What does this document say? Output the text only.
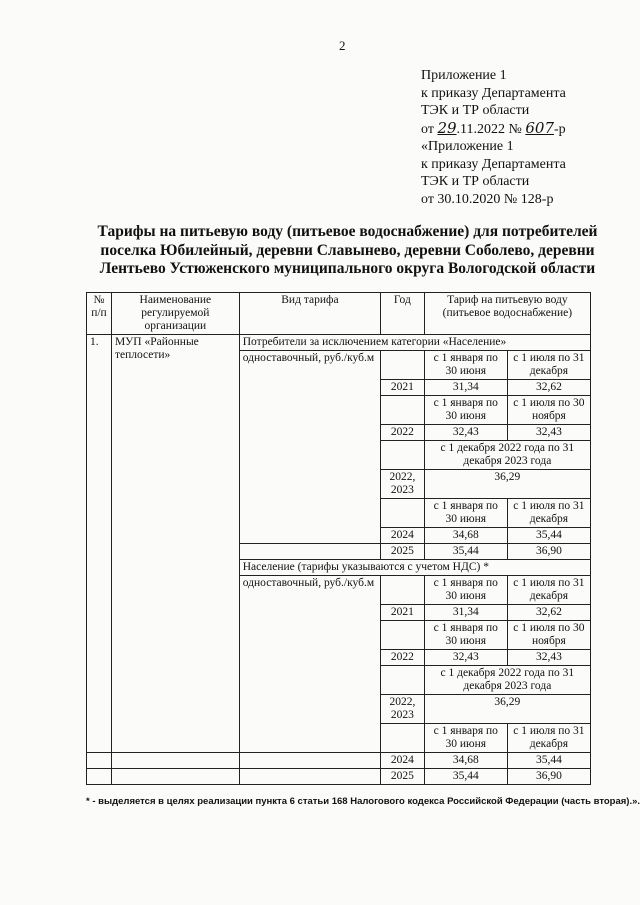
2
Приложение 1
к приказу Департамента
ТЭК и ТР области
от 29.11.2022 № 607-р
«Приложение 1
к приказу Департамента
ТЭК и ТР области
от 30.10.2020 № 128-р
Тарифы на питьевую воду (питьевое водоснабжение) для потребителей поселка Юбилейный, деревни Славынево, деревни Соболево, деревни Лентьево Устюженского муниципального округа Вологодской области
№ п/п	Наименование регулируемой организации	Вид тарифа	Год	Тариф на питьевую воду (питьевое водоснабжение)	
1.	МУП «Районные теплосети»	Потребители за исключением категории «Население»			
		одноставочный, руб./куб.м		с 1 января по 30 июня	с 1 июля по 31 декабря
			2021	31,34	32,62
				с 1 января по 30 июня	с 1 июля по 30 ноября
			2022	32,43	32,43
				с 1 декабря 2022 года по 31 декабря 2023 года	
			2022, 2023	36,29	
				с 1 января по 30 июня	с 1 июля по 31 декабря
			2024	34,68	35,44
			2025	35,44	36,90
		Население (тарифы указываются с учетом НДС) *			
		одноставочный, руб./куб.м		с 1 января по 30 июня	с 1 июля по 31 декабря
			2021	31,34	32,62
				с 1 января по 30 июня	с 1 июля по 30 ноября
			2022	32,43	32,43
				с 1 декабря 2022 года по 31 декабря 2023 года	
			2022, 2023	36,29	
				с 1 января по 30 июня	с 1 июля по 31 декабря
			2024	34,68	35,44
			2025	35,44	36,90
* - выделяется в целях реализации пункта 6 статьи 168 Налогового кодекса Российской Федерации (часть вторая).».
